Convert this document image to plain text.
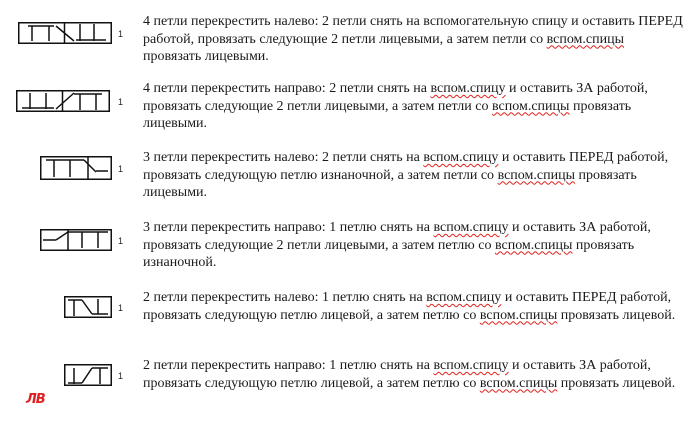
1

4 петли перекрестить налево: 2 петли снять на вспомогательную спицу и оставить ПЕРЕД работой, провязать следующие 2 петли лицевыми, а затем петли со вспом.спицы провязать лицевыми.

1

4 петли перекрестить направо: 2 петли снять на вспом.спицу и оставить ЗА работой, провязать следующие 2 петли лицевыми, а затем петли со вспом.спицы провязать лицевыми.

1

3 петли перекрестить налево: 2 петли снять на вспом.спицу и оставить ПЕРЕД работой, провязать следующую петлю изнаночной, а затем петли со вспом.спицы провязать лицевыми.

1

3 петли перекрестить направо: 1 петлю снять на вспом.спицу и оставить ЗА работой, провязать следующие 2 петли лицевыми, а затем петлю со вспом.спицы провязать изнаночной.

1

2 петли перекрестить налево: 1 петлю снять на вспом.спицу и оставить ПЕРЕД работой, провязать следующую петлю лицевой, а затем петлю со вспом.спицы провязать лицевой.

1

2 петли перекрестить направо: 1 петлю снять на вспом.спицу и оставить ЗА работой, провязать следующую петлю лицевой, а затем петлю со вспом.спицы провязать лицевой.

ЛВ
